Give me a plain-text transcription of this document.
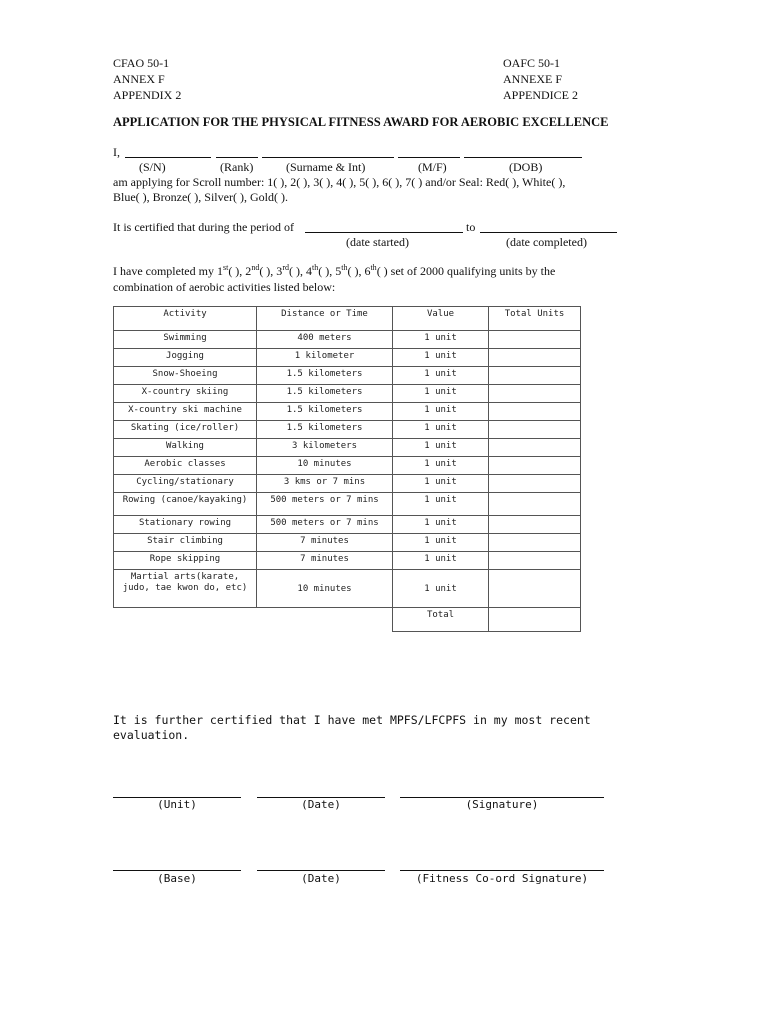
CFAO 50-1
ANNEX F
APPENDIX 2
OAFC 50-1
ANNEXE F
APPENDICE 2
APPLICATION FOR THE PHYSICAL FITNESS AWARD FOR AEROBIC EXCELLENCE
I,
(S/N)	(Rank)	(Surname & Int)	(M/F)	(DOB)
am applying for Scroll number: 1( ), 2( ), 3( ), 4( ), 5( ), 6( ), 7( ) and/or Seal: Red( ), White( ),
Blue( ), Bronze( ), Silver( ), Gold( ).
It is certified that during the period of	to
(date started)	(date completed)
I have completed my 1st( ), 2nd( ), 3rd( ), 4th( ), 5th( ), 6th( ) set of 2000 qualifying units by the
combination of aerobic activities listed below:
Activity	Distance or Time	Value	Total Units
Swimming	400 meters	1 unit	
Jogging	1 kilometer	1 unit	
Snow-Shoeing	1.5 kilometers	1 unit	
X-country skiing	1.5 kilometers	1 unit	
X-country ski machine	1.5 kilometers	1 unit	
Skating (ice/roller)	1.5 kilometers	1 unit	
Walking	3 kilometers	1 unit	
Aerobic classes	10 minutes	1 unit	
Cycling/stationary	3 kms or 7 mins	1 unit	
Rowing (canoe/kayaking)	500 meters or 7 mins	1 unit	
Stationary rowing	500 meters or 7 mins	1 unit	
Stair climbing	7 minutes	1 unit	
Rope skipping	7 minutes	1 unit	
Martial arts(karate, judo, tae kwon do, etc)	10 minutes	1 unit	
		Total	
It is further certified that I have met MPFS/LFCPFS in my most recent
evaluation.
(Unit)	(Date)	(Signature)
(Base)	(Date)	(Fitness Co-ord Signature)
